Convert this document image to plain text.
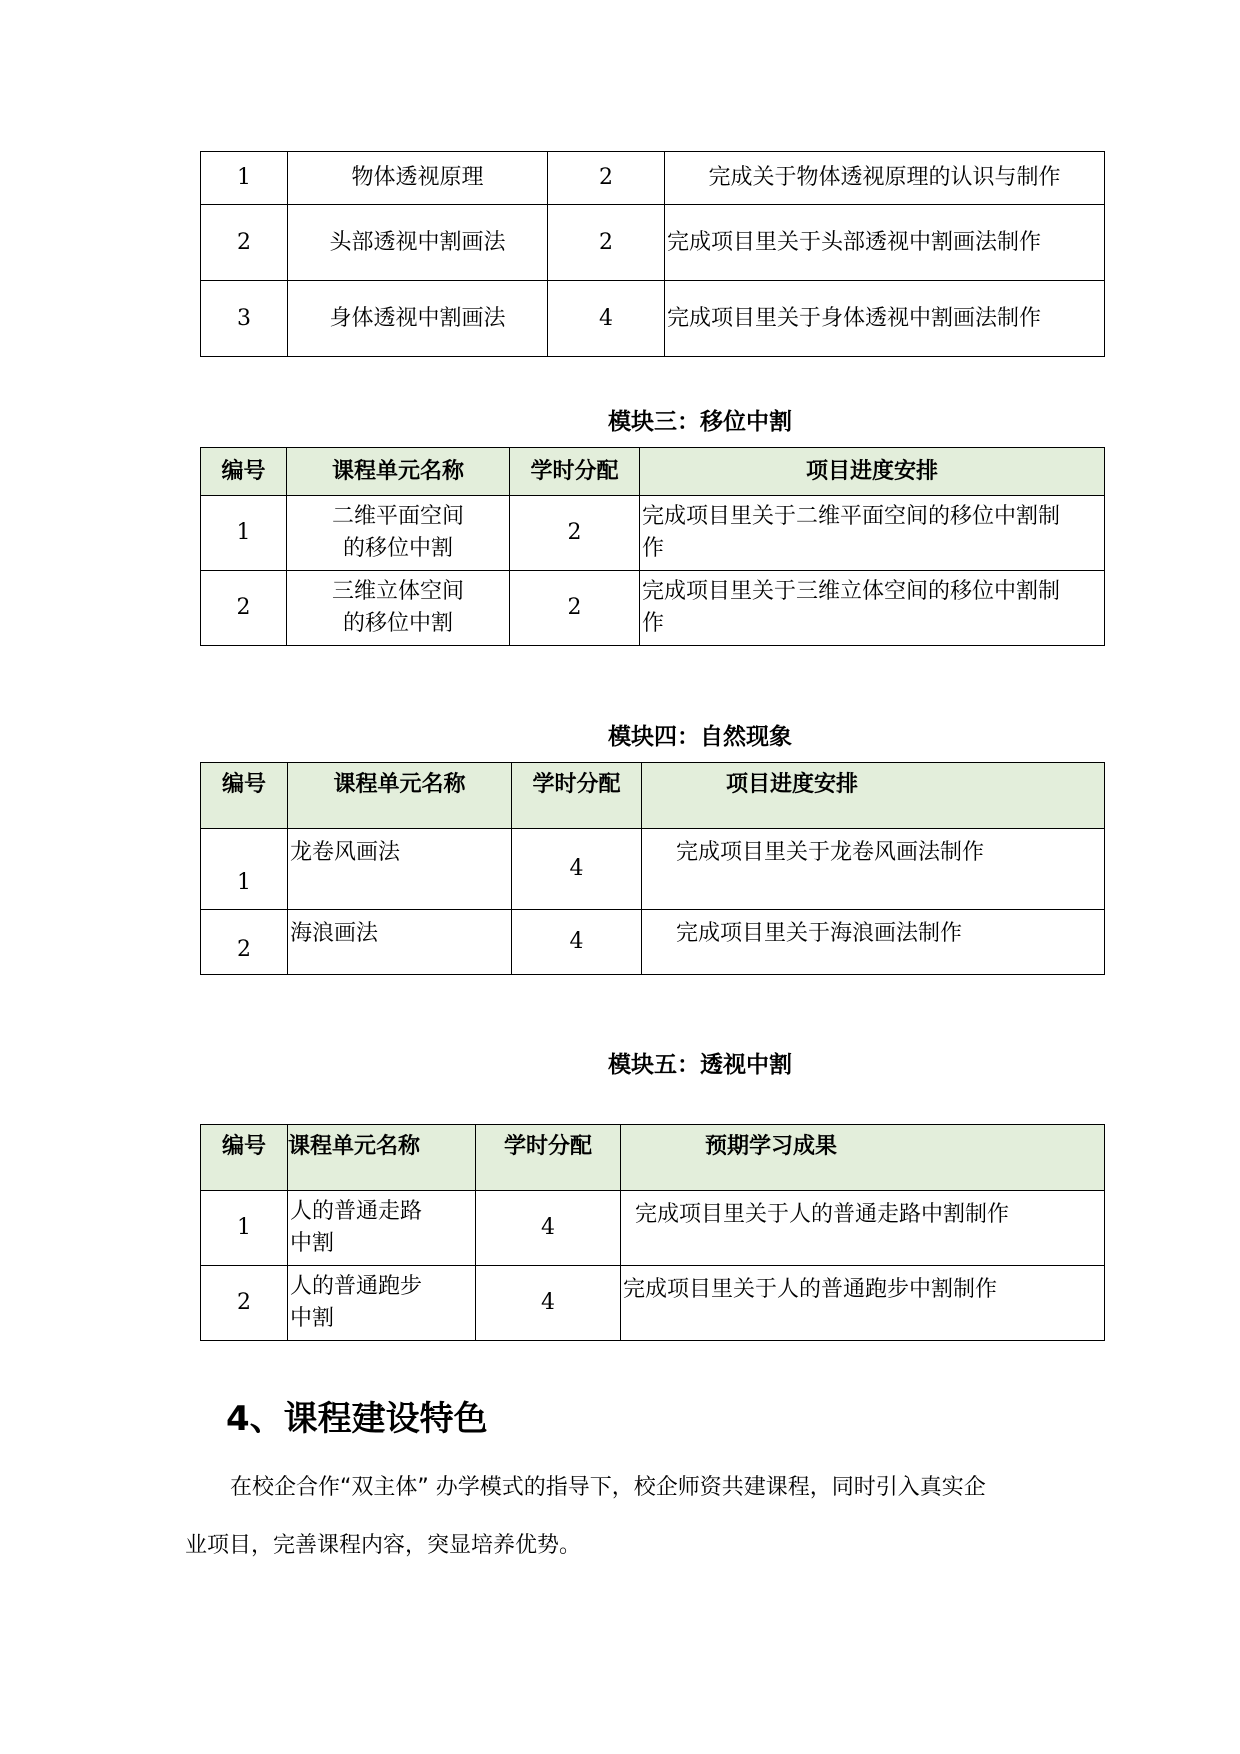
1	物体透视原理	2	完成关于物体透视原理的认识与制作
2	头部透视中割画法	2	完成项目里关于头部透视中割画法制作
3	身体透视中割画法	4	完成项目里关于身体透视中割画法制作
模块三：移位中割
编号	课程单元名称	学时分配	项目进度安排
1	二维平面空间的移位中割	2	完成项目里关于二维平面空间的移位中割制作
2	三维立体空间的移位中割	2	完成项目里关于三维立体空间的移位中割制作
模块四：自然现象
编号	课程单元名称	学时分配	项目进度安排
1	龙卷风画法	4	完成项目里关于龙卷风画法制作
2	海浪画法	4	完成项目里关于海浪画法制作
模块五：透视中割
编号	课程单元名称	学时分配	预期学习成果
1	人的普通走路中割	4	完成项目里关于人的普通走路中割制作
2	人的普通跑步中割	4	完成项目里关于人的普通跑步中割制作
4、课程建设特色
在校企合作“双主体” 办学模式的指导下，校企师资共建课程，同时引入真实企
业项目，完善课程内容，突显培养优势。
